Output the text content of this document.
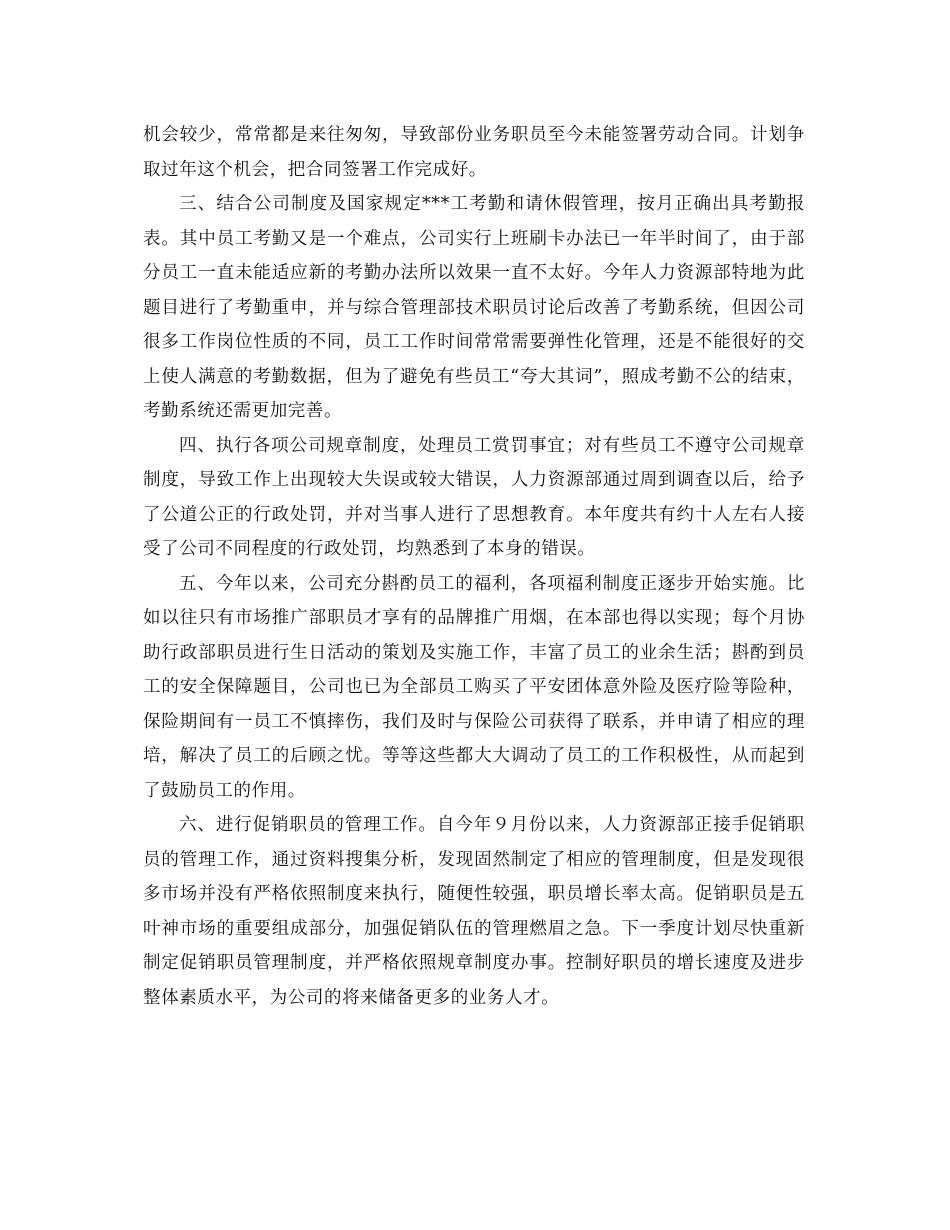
机会较少，常常都是来往匆匆，导致部份业务职员至今未能签署劳动合同。计划争取过年这个机会，把合同签署工作完成好。

三、结合公司制度及国家规定***工考勤和请休假管理，按月正确出具考勤报表。其中员工考勤又是一个难点，公司实行上班刷卡办法已一年半时间了，由于部分员工一直未能适应新的考勤办法所以效果一直不太好。今年人力资源部特地为此题目进行了考勤重申，并与综合管理部技术职员讨论后改善了考勤系统，但因公司很多工作岗位性质的不同，员工工作时间常常需要弹性化管理，还是不能很好的交上使人满意的考勤数据，但为了避免有些员工“夸大其词”，照成考勤不公的结束，考勤系统还需更加完善。

四、执行各项公司规章制度，处理员工赏罚事宜；对有些员工不遵守公司规章制度，导致工作上出现较大失误或较大错误，人力资源部通过周到调查以后，给予了公道公正的行政处罚，并对当事人进行了思想教育。本年度共有约十人左右人接受了公司不同程度的行政处罚，均熟悉到了本身的错误。

五、今年以来，公司充分斟酌员工的福利，各项福利制度正逐步开始实施。比如以往只有市场推广部职员才享有的品牌推广用烟，在本部也得以实现；每个月协助行政部职员进行生日活动的策划及实施工作，丰富了员工的业余生活；斟酌到员工的安全保障题目，公司也已为全部员工购买了平安团体意外险及医疗险等险种，保险期间有一员工不慎摔伤，我们及时与保险公司获得了联系，并申请了相应的理培，解决了员工的后顾之忧。等等这些都大大调动了员工的工作积极性，从而起到了鼓励员工的作用。

六、进行促销职员的管理工作。自今年９月份以来，人力资源部正接手促销职员的管理工作，通过资料搜集分析，发现固然制定了相应的管理制度，但是发现很多市场并没有严格依照制度来执行，随便性较强，职员增长率太高。促销职员是五叶神市场的重要组成部分，加强促销队伍的管理燃眉之急。下一季度计划尽快重新制定促销职员管理制度，并严格依照规章制度办事。控制好职员的增长速度及进步整体素质水平，为公司的将来储备更多的业务人才。
